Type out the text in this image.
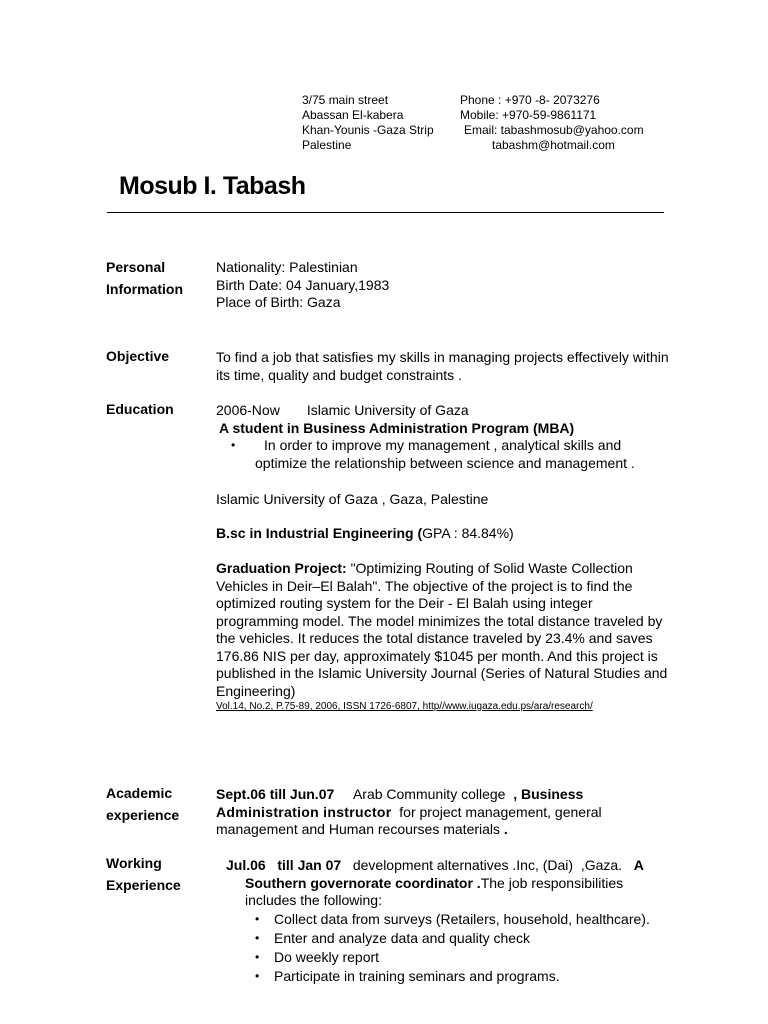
3/75 main street
Abassan El-kabera
Khan-Younis -Gaza Strip
Palestine
Phone : +970 -8- 2073276
Mobile: +970-59-9861171
Email: tabashmosub@yahoo.com
tabashm@hotmail.com
Mosub I. Tabash
Personal
Information
Nationality: Palestinian
Birth Date: 04 January,1983
Place of Birth: Gaza
Objective	To find a job that satisfies my skills in managing projects effectively within
its time, quality and budget constraints .
Education	2006-Now Islamic University of Gaza
A student in Business Administration Program (MBA)
• In order to improve my management , analytical skills and
optimize the relationship between science and management .
Islamic University of Gaza , Gaza, Palestine
B.sc in Industrial Engineering (GPA : 84.84%)
Graduation Project: "Optimizing Routing of Solid Waste Collection
Vehicles in Deir–El Balah". The objective of the project is to find the
optimized routing system for the Deir - El Balah using integer
programming model. The model minimizes the total distance traveled by
the vehicles. It reduces the total distance traveled by 23.4% and saves
176.86 NIS per day, approximately $1045 per month. And this project is
published in the Islamic University Journal (Series of Natural Studies and
Engineering)
Vol.14, No.2, P.75-89, 2006, ISSN 1726-6807, http//www.iugaza.edu.ps/ara/research/
Academic
experience
Sept.06 till Jun.07     Arab Community college  , Business
Administration instructor  for project management, general
management and Human recourses materials .
Working
Experience
Jul.06   till Jan 07   development alternatives .Inc, (Dai)  ,Gaza.   A
Southern governorate coordinator .The job responsibilities
includes the following:
• Collect data from surveys (Retailers, household, healthcare).
• Enter and analyze data and quality check
• Do weekly report
• Participate in training seminars and programs.
